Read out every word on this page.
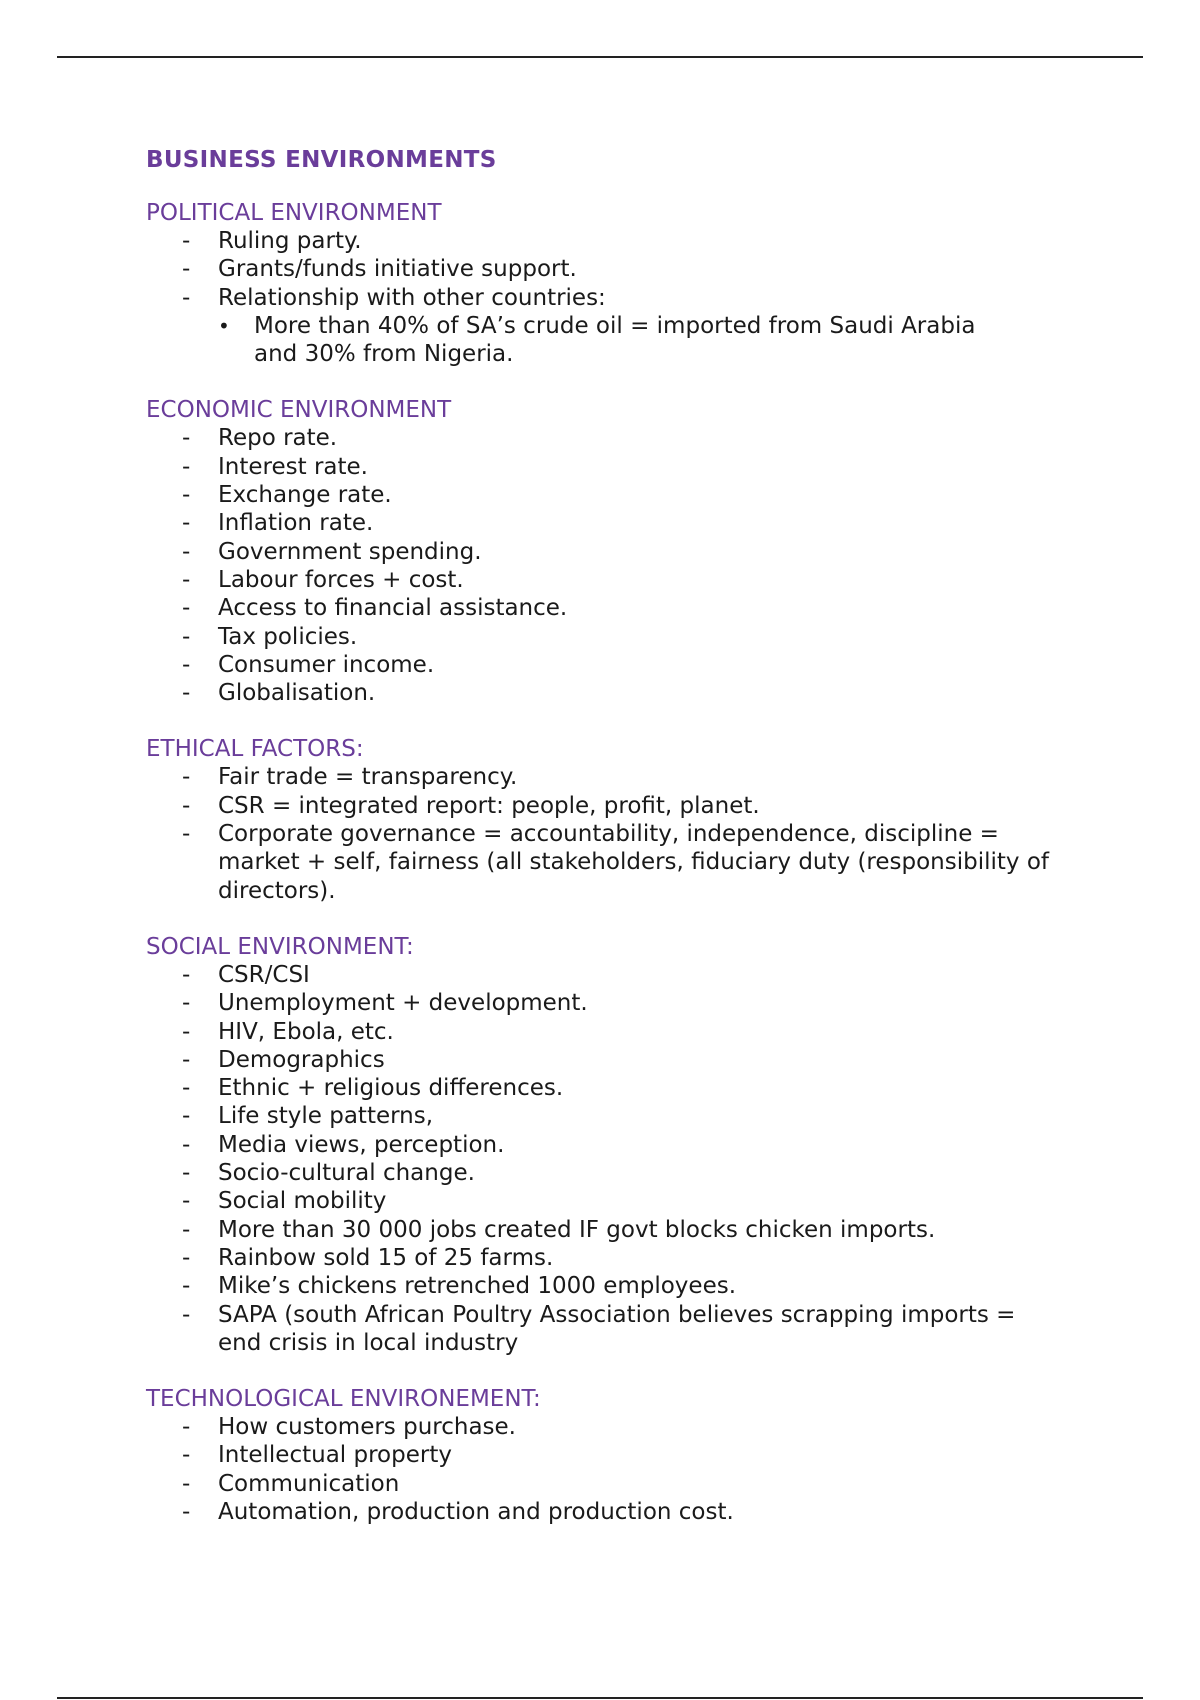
BUSINESS ENVIRONMENTS
POLITICAL ENVIRONMENT
- Ruling party.
- Grants/funds initiative support.
- Relationship with other countries:
• More than 40% of SA’s crude oil = imported from Saudi Arabia and 30% from Nigeria.
ECONOMIC ENVIRONMENT
- Repo rate.
- Interest rate.
- Exchange rate.
- Inflation rate.
- Government spending.
- Labour forces + cost.
- Access to financial assistance.
- Tax policies.
- Consumer income.
- Globalisation.
ETHICAL FACTORS:
- Fair trade = transparency.
- CSR = integrated report: people, profit, planet.
- Corporate governance = accountability, independence, discipline = market + self, fairness (all stakeholders, fiduciary duty (responsibility of directors).
SOCIAL ENVIRONMENT:
- CSR/CSI
- Unemployment + development.
- HIV, Ebola, etc.
- Demographics
- Ethnic + religious differences.
- Life style patterns,
- Media views, perception.
- Socio-cultural change.
- Social mobility
- More than 30 000 jobs created IF govt blocks chicken imports.
- Rainbow sold 15 of 25 farms.
- Mike’s chickens retrenched 1000 employees.
- SAPA (south African Poultry Association believes scrapping imports = end crisis in local industry
TECHNOLOGICAL ENVIRONEMENT:
- How customers purchase.
- Intellectual property
- Communication
- Automation, production and production cost.
